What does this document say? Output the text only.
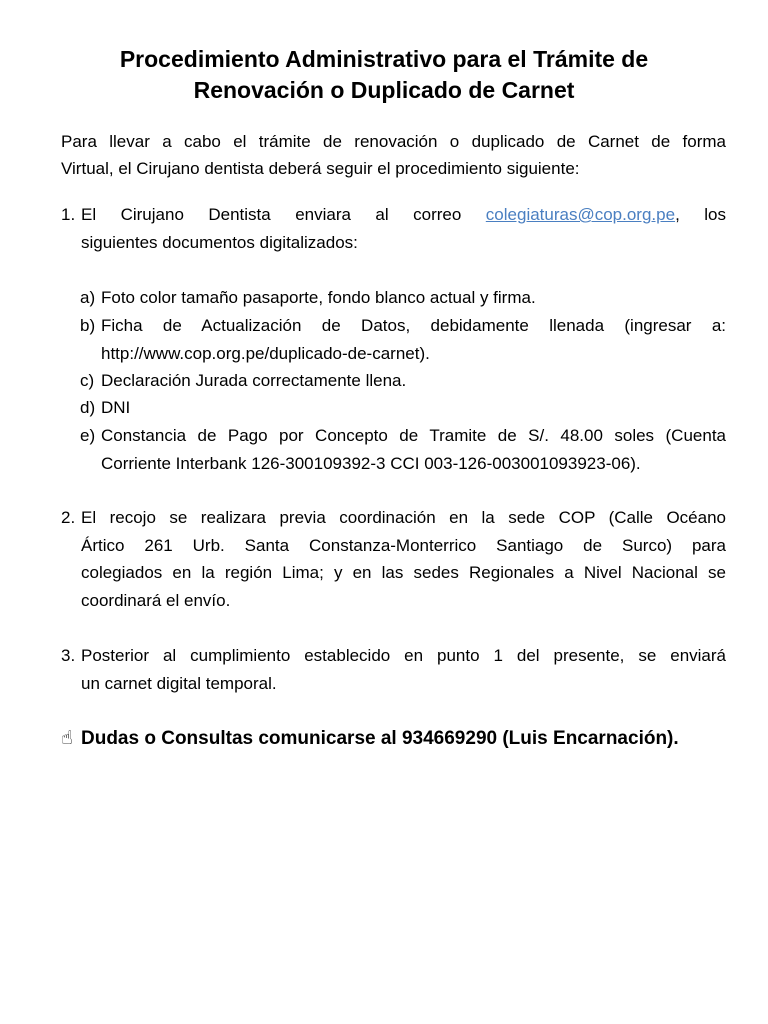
Procedimiento Administrativo para el Trámite de
Renovación o Duplicado de Carnet
Para llevar a cabo el trámite de renovación o duplicado de Carnet de forma
Virtual, el Cirujano dentista deberá seguir el procedimiento siguiente:
1. El Cirujano Dentista enviara al correo colegiaturas@cop.org.pe, los
siguientes documentos digitalizados:
a) Foto color tamaño pasaporte, fondo blanco actual y firma.
b) Ficha de Actualización de Datos, debidamente llenada (ingresar a:
http://www.cop.org.pe/duplicado-de-carnet).
c) Declaración Jurada correctamente llena.
d) DNI
e) Constancia de Pago por Concepto de Tramite de S/. 48.00 soles (Cuenta
Corriente Interbank 126-300109392-3 CCI 003-126-003001093923-06).
2. El recojo se realizara previa coordinación en la sede COP (Calle Océano
Ártico 261 Urb. Santa Constanza-Monterrico Santiago de Surco) para
colegiados en la región Lima; y en las sedes Regionales a Nivel Nacional se
coordinará el envío.
3. Posterior al cumplimiento establecido en punto 1 del presente, se enviará
un carnet digital temporal.
☝ Dudas o Consultas comunicarse al 934669290 (Luis Encarnación).
